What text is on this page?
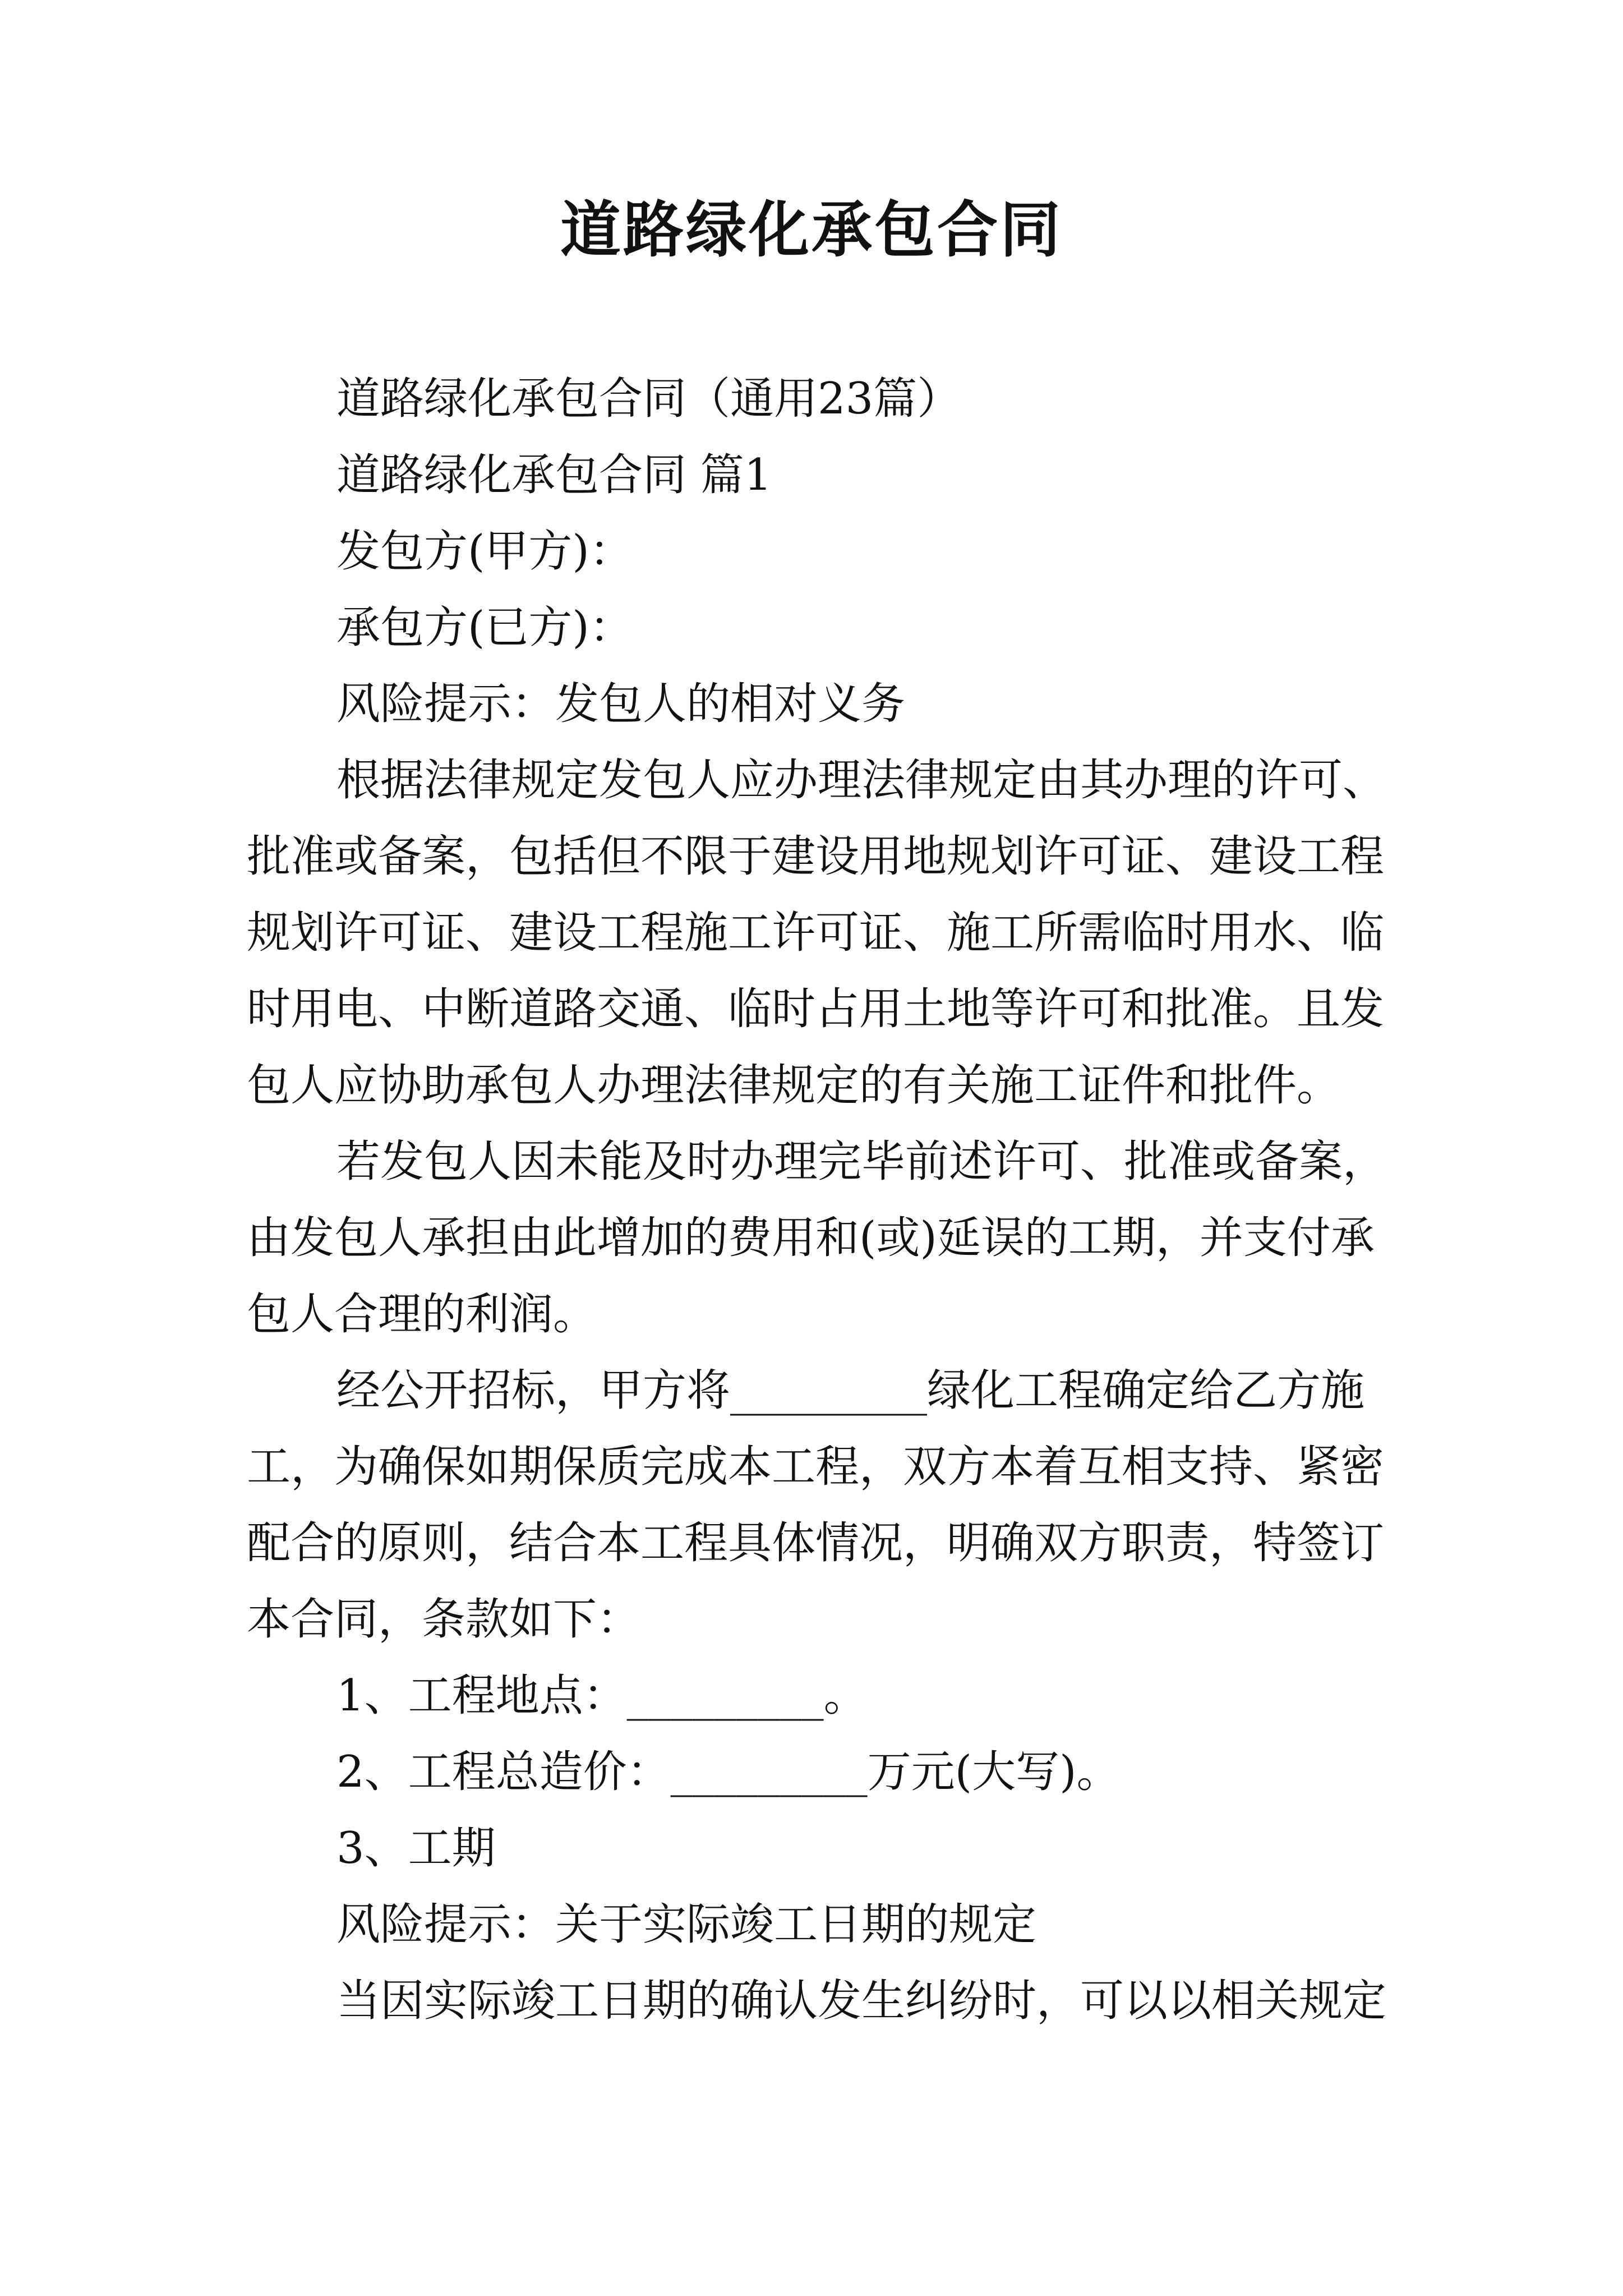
道路绿化承包合同

道路绿化承包合同（通用23篇）

道路绿化承包合同 篇1

发包方(甲方)：

承包方(已方)：

风险提示：发包人的相对义务

根据法律规定发包人应办理法律规定由其办理的许可、

批准或备案，包括但不限于建设用地规划许可证、建设工程

规划许可证、建设工程施工许可证、施工所需临时用水、临

时用电、中断道路交通、临时占用土地等许可和批准。且发

包人应协助承包人办理法律规定的有关施工证件和批件。

若发包人因未能及时办理完毕前述许可、批准或备案，

由发包人承担由此增加的费用和(或)延误的工期，并支付承

包人合理的利润。

经公开招标，甲方将_________绿化工程确定给乙方施

工，为确保如期保质完成本工程，双方本着互相支持、紧密

配合的原则，结合本工程具体情况，明确双方职责，特签订

本合同，条款如下：

1、工程地点：_________。

2、工程总造价：_________万元(大写)。

3、工期

风险提示：关于实际竣工日期的规定

当因实际竣工日期的确认发生纠纷时，可以以相关规定
